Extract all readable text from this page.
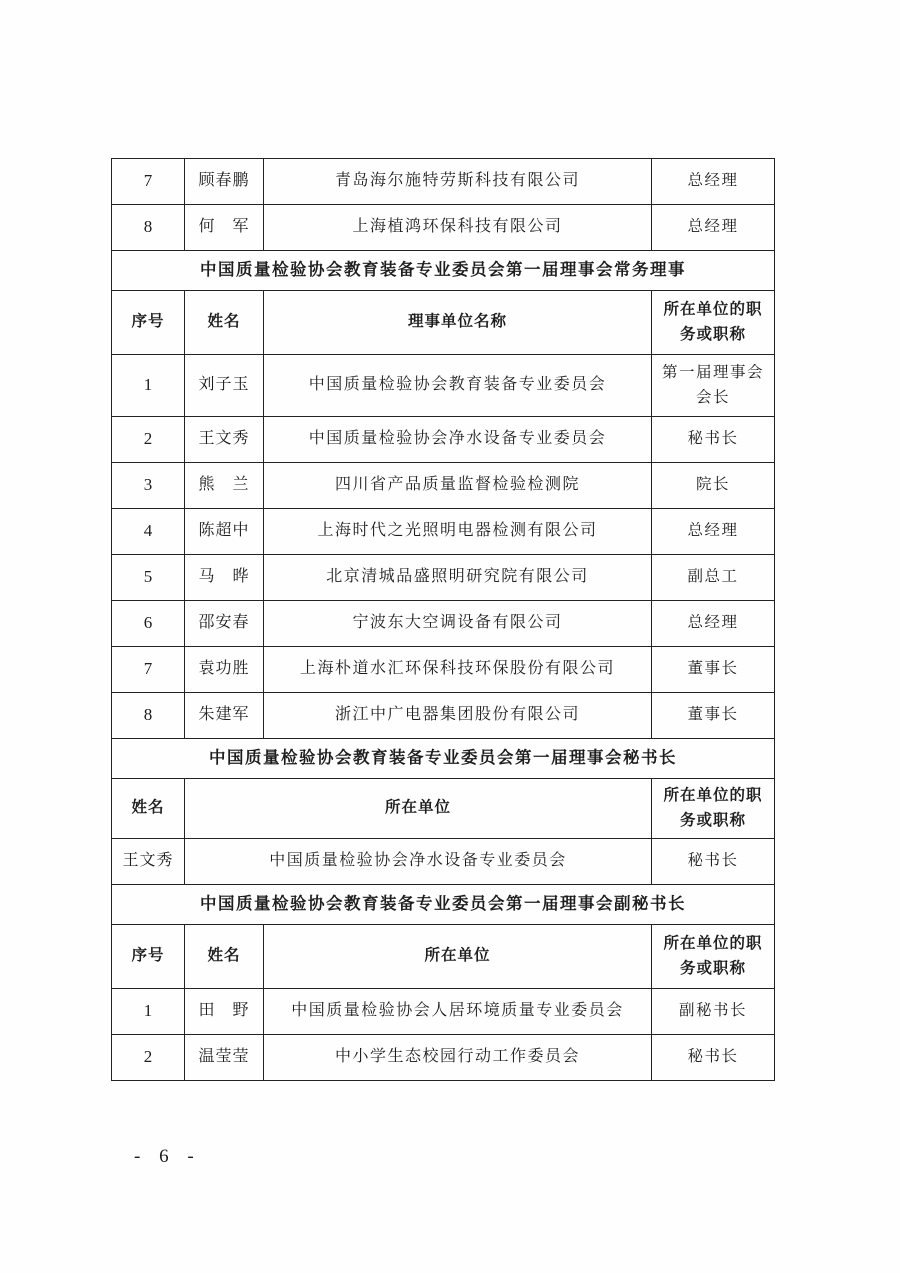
7	顾春鹏	青岛海尔施特劳斯科技有限公司	总经理
8	何　军	上海植鸿环保科技有限公司	总经理
中国质量检验协会教育装备专业委员会第一届理事会常务理事			
序号	姓名	理事单位名称	所在单位的职务或职称
1	刘子玉	中国质量检验协会教育装备专业委员会	第一届理事会会长
2	王文秀	中国质量检验协会净水设备专业委员会	秘书长
3	熊　兰	四川省产品质量监督检验检测院	院长
4	陈超中	上海时代之光照明电器检测有限公司	总经理
5	马　晔	北京清城品盛照明研究院有限公司	副总工
6	邵安春	宁波东大空调设备有限公司	总经理
7	袁功胜	上海朴道水汇环保科技环保股份有限公司	董事长
8	朱建军	浙江中广电器集团股份有限公司	董事长
中国质量检验协会教育装备专业委员会第一届理事会秘书长		
姓名	所在单位	所在单位的职务或职称
王文秀	中国质量检验协会净水设备专业委员会	秘书长
中国质量检验协会教育装备专业委员会第一届理事会副秘书长			
序号	姓名	所在单位	所在单位的职务或职称
1	田　野	中国质量检验协会人居环境质量专业委员会	副秘书长
2	温莹莹	中小学生态校园行动工作委员会	秘书长
- 6 -
